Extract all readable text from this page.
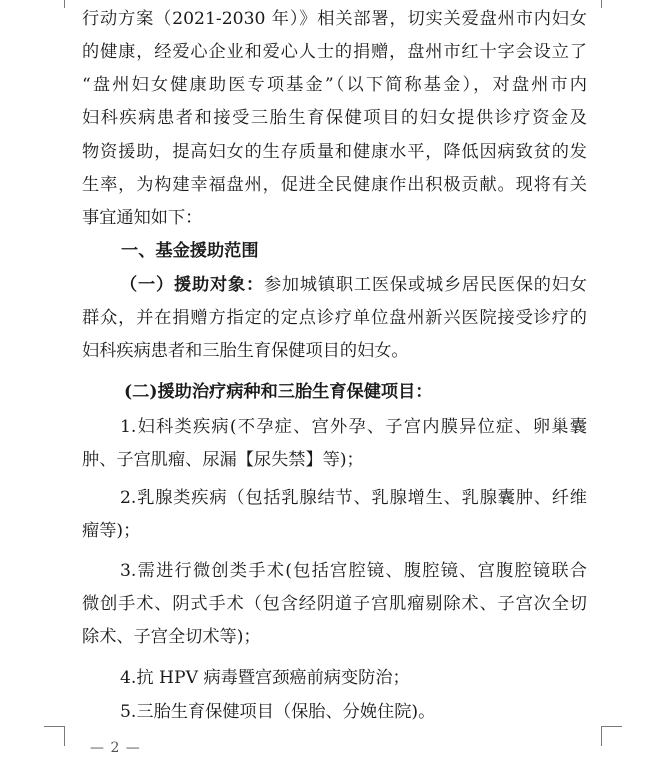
行动方案（2021-2030 年）》相关部署，切实关爱盘州市内妇女
的健康，经爱心企业和爱心人士的捐赠，盘州市红十字会设立了
“盘州妇女健康助医专项基金”（以下简称基金），对盘州市内
妇科疾病患者和接受三胎生育保健项目的妇女提供诊疗资金及
物资援助，提高妇女的生存质量和健康水平，降低因病致贫的发
生率，为构建幸福盘州，促进全民健康作出积极贡献。现将有关
事宜通知如下：
一、基金援助范围
（一）援助对象：参加城镇职工医保或城乡居民医保的妇女
群众，并在捐赠方指定的定点诊疗单位盘州新兴医院接受诊疗的
妇科疾病患者和三胎生育保健项目的妇女。
(二)援助治疗病种和三胎生育保健项目：
1.妇科类疾病(不孕症、宫外孕、子宫内膜异位症、卵巢囊
肿、子宫肌瘤、尿漏【尿失禁】等)；
2.乳腺类疾病（包括乳腺结节、乳腺增生、乳腺囊肿、纤维
瘤等)；
3.需进行微创类手术(包括宫腔镜、腹腔镜、宫腹腔镜联合
微创手术、阴式手术（包含经阴道子宫肌瘤剔除术、子宫次全切
除术、子宫全切术等)；
4.抗 HPV 病毒暨宫颈癌前病变防治；
5.三胎生育保健项目（保胎、分娩住院)。
— 2 —
